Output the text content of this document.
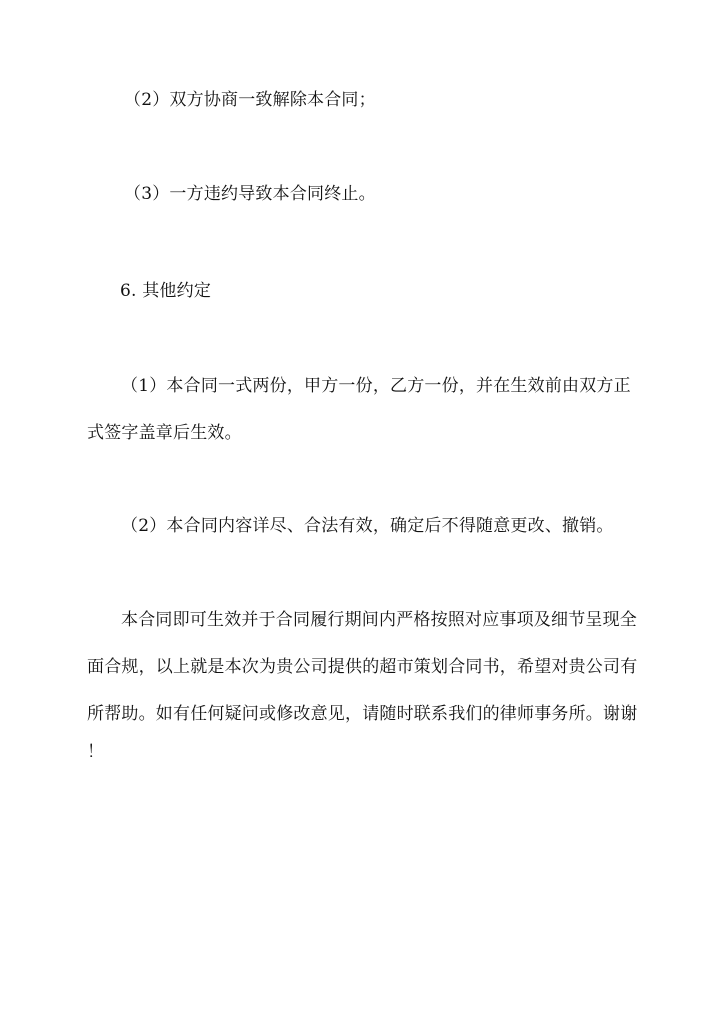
（2）双方协商一致解除本合同；
（3）一方违约导致本合同终止。
6. 其他约定
（1）本合同一式两份，甲方一份，乙方一份，并在生效前由双方正
式签字盖章后生效。
（2）本合同内容详尽、合法有效，确定后不得随意更改、撤销。
本合同即可生效并于合同履行期间内严格按照对应事项及细节呈现全
面合规，以上就是本次为贵公司提供的超市策划合同书，希望对贵公司有
所帮助。如有任何疑问或修改意见，请随时联系我们的律师事务所。谢谢
！
